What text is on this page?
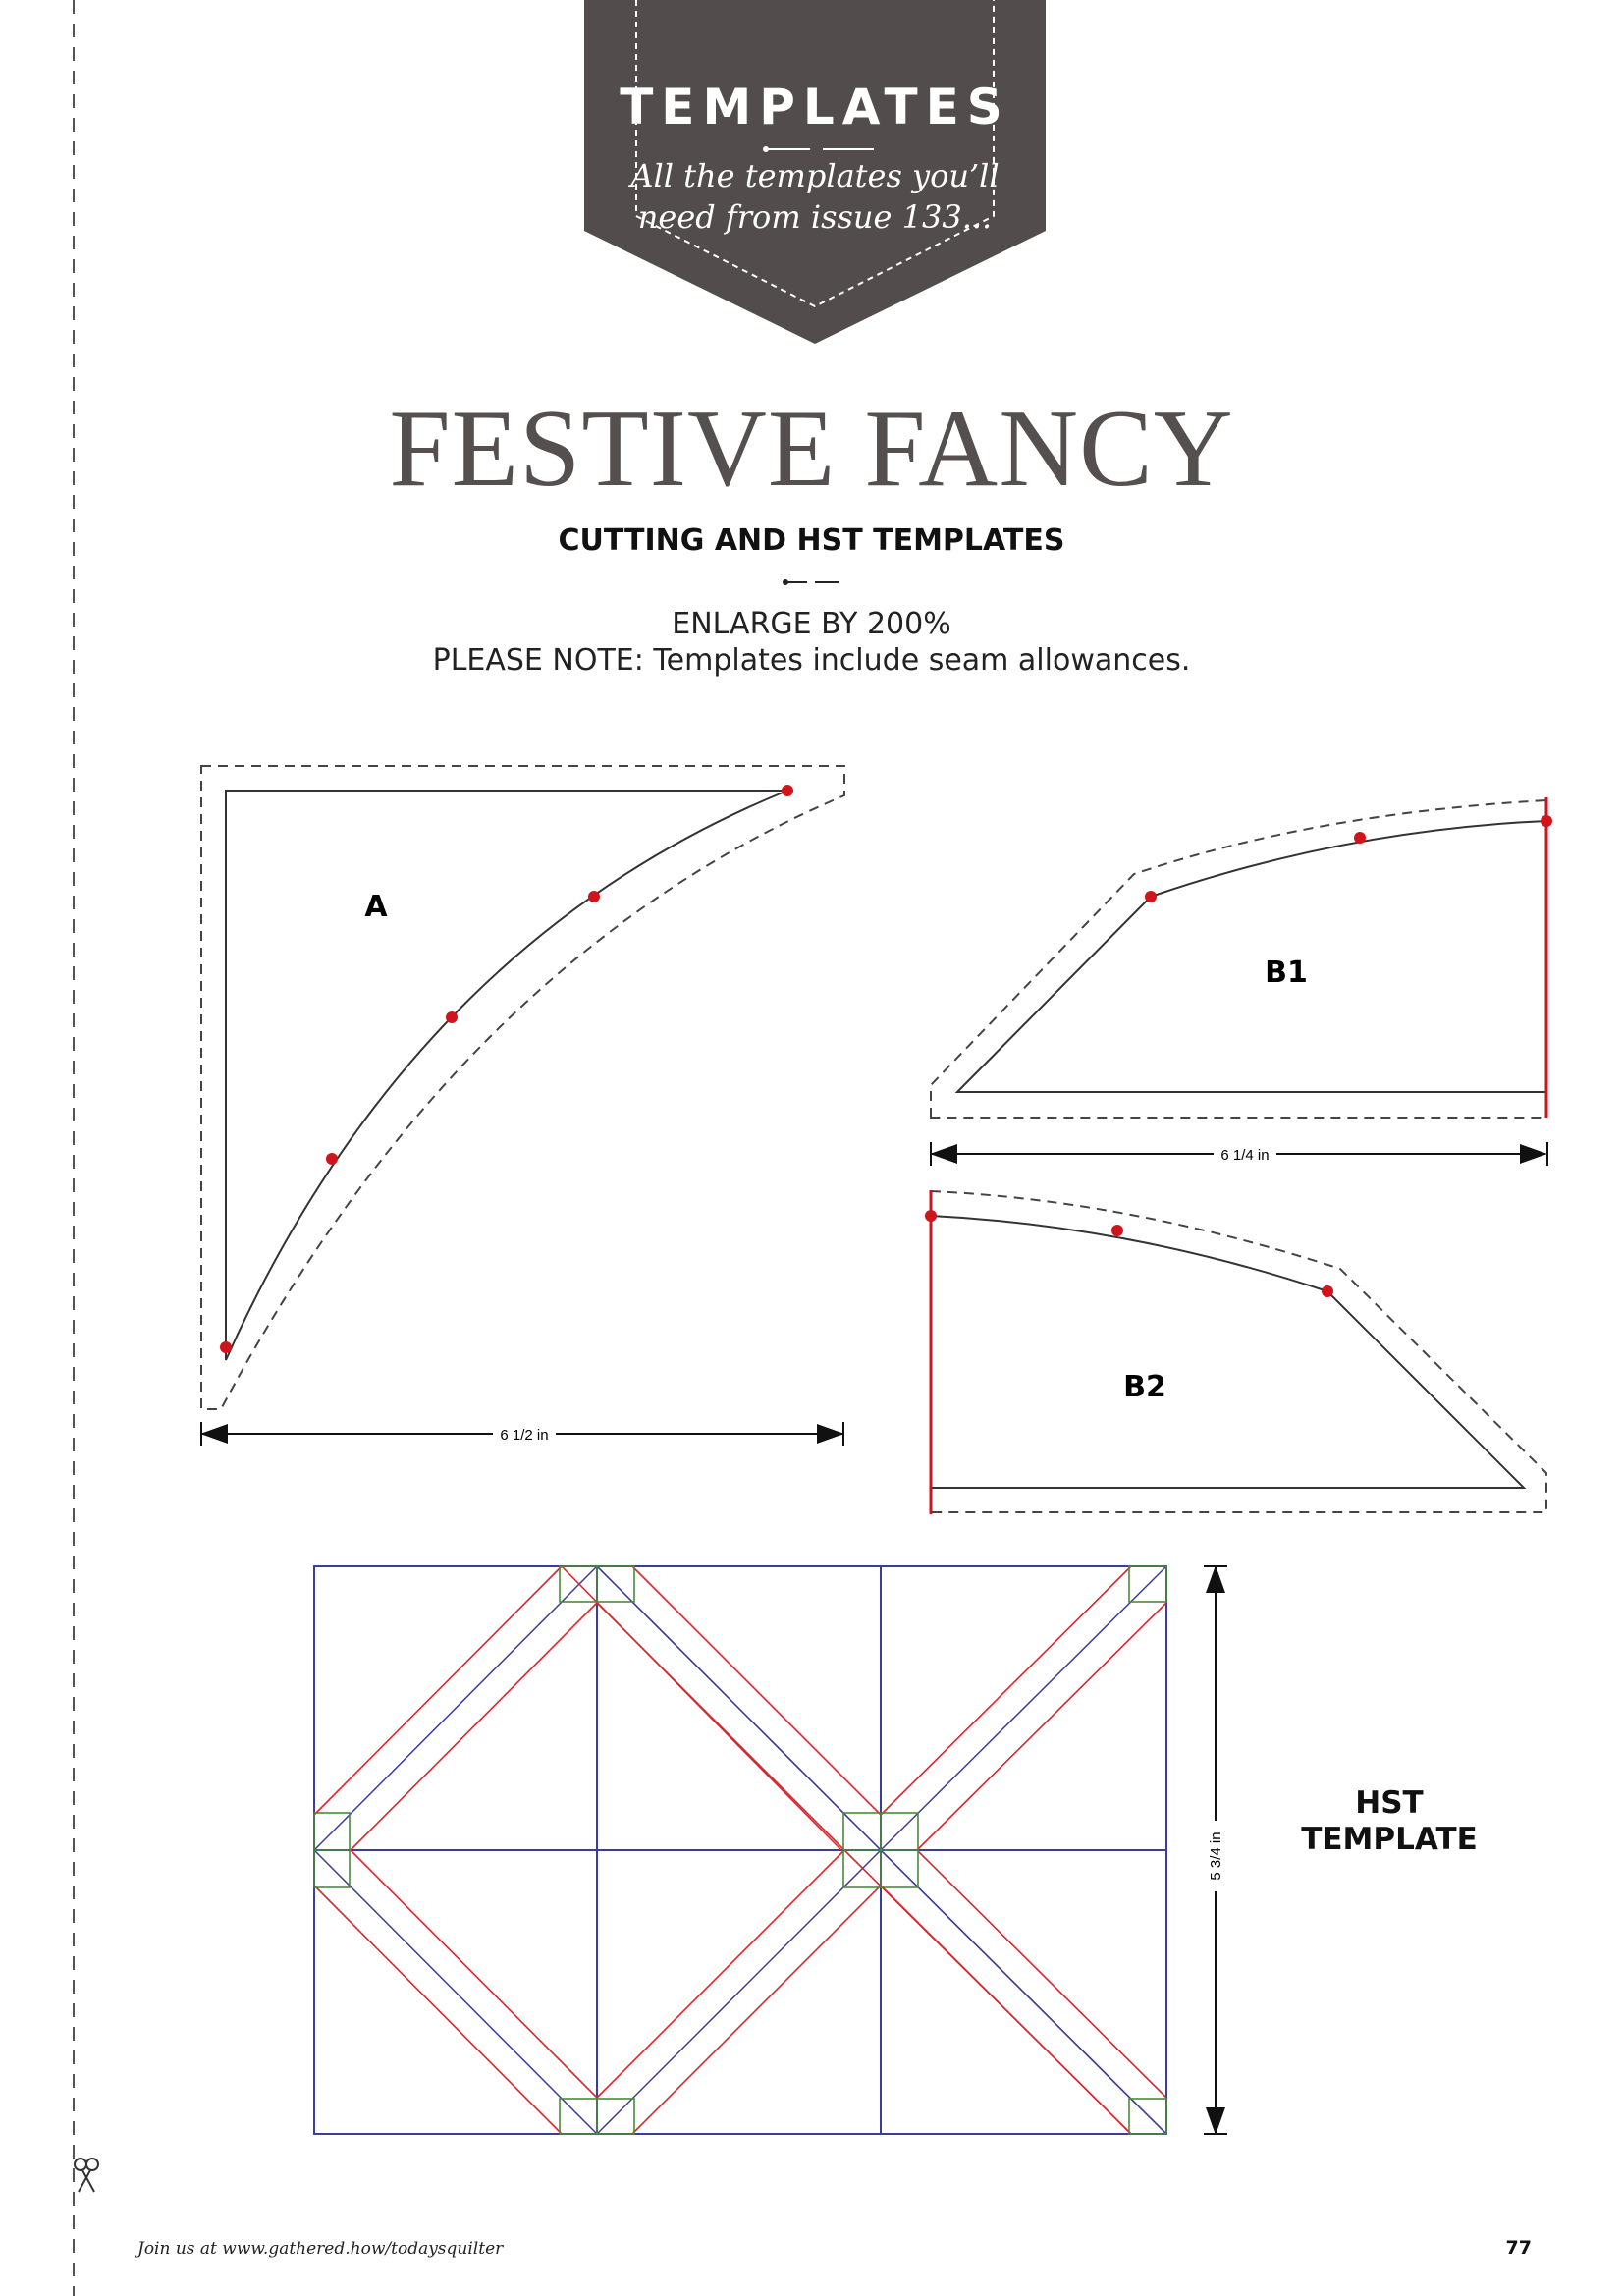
TEMPLATES
All the templates you’ll
need from issue 133...
FESTIVE FANCY
CUTTING AND HST TEMPLATES
ENLARGE BY 200%
PLEASE NOTE: Templates include seam allowances.
A
B1
B2
6 1/2 in
6 1/4 in
5 3/4 in
HST
TEMPLATE
Join us at www.gathered.how/todaysquilter	77
